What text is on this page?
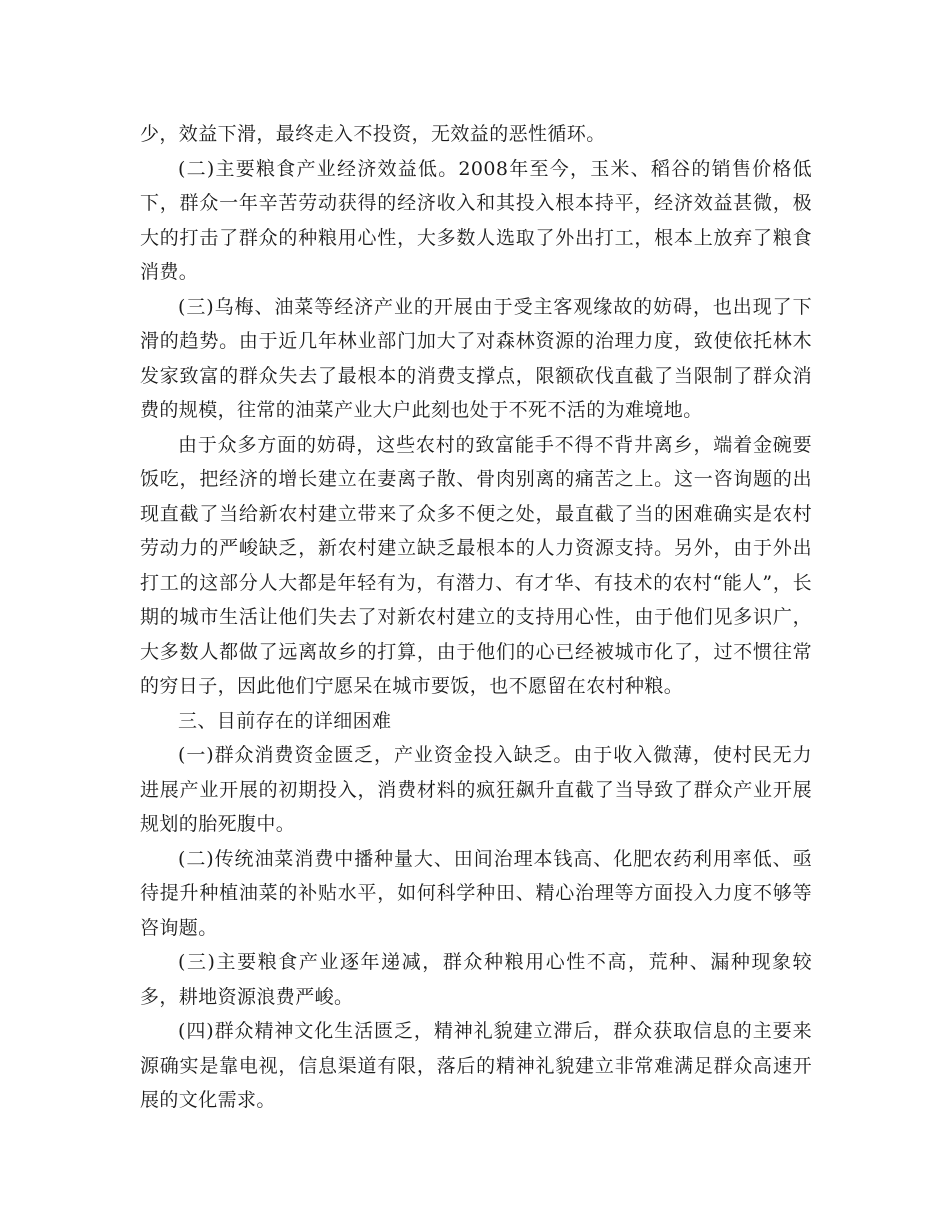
少，效益下滑，最终走入不投资，无效益的恶性循环。

(二)主要粮食产业经济效益低。2008年至今，玉米、稻谷的销售价格低下，群众一年辛苦劳动获得的经济收入和其投入根本持平，经济效益甚微，极大的打击了群众的种粮用心性，大多数人选取了外出打工，根本上放弃了粮食消费。

(三)乌梅、油菜等经济产业的开展由于受主客观缘故的妨碍，也出现了下滑的趋势。由于近几年林业部门加大了对森林资源的治理力度，致使依托林木发家致富的群众失去了最根本的消费支撑点，限额砍伐直截了当限制了群众消费的规模，往常的油菜产业大户此刻也处于不死不活的为难境地。

由于众多方面的妨碍，这些农村的致富能手不得不背井离乡，端着金碗要饭吃，把经济的增长建立在妻离子散、骨肉别离的痛苦之上。这一咨询题的出现直截了当给新农村建立带来了众多不便之处，最直截了当的困难确实是农村劳动力的严峻缺乏，新农村建立缺乏最根本的人力资源支持。另外，由于外出打工的这部分人大都是年轻有为，有潜力、有才华、有技术的农村“能人”，长期的城市生活让他们失去了对新农村建立的支持用心性，由于他们见多识广，大多数人都做了远离故乡的打算，由于他们的心已经被城市化了，过不惯往常的穷日子，因此他们宁愿呆在城市要饭，也不愿留在农村种粮。

三、目前存在的详细困难

(一)群众消费资金匮乏，产业资金投入缺乏。由于收入微薄，使村民无力进展产业开展的初期投入，消费材料的疯狂飙升直截了当导致了群众产业开展规划的胎死腹中。

(二)传统油菜消费中播种量大、田间治理本钱高、化肥农药利用率低、亟待提升种植油菜的补贴水平，如何科学种田、精心治理等方面投入力度不够等咨询题。

(三)主要粮食产业逐年递减，群众种粮用心性不高，荒种、漏种现象较多，耕地资源浪费严峻。

(四)群众精神文化生活匮乏，精神礼貌建立滞后，群众获取信息的主要来源确实是靠电视，信息渠道有限，落后的精神礼貌建立非常难满足群众高速开展的文化需求。
